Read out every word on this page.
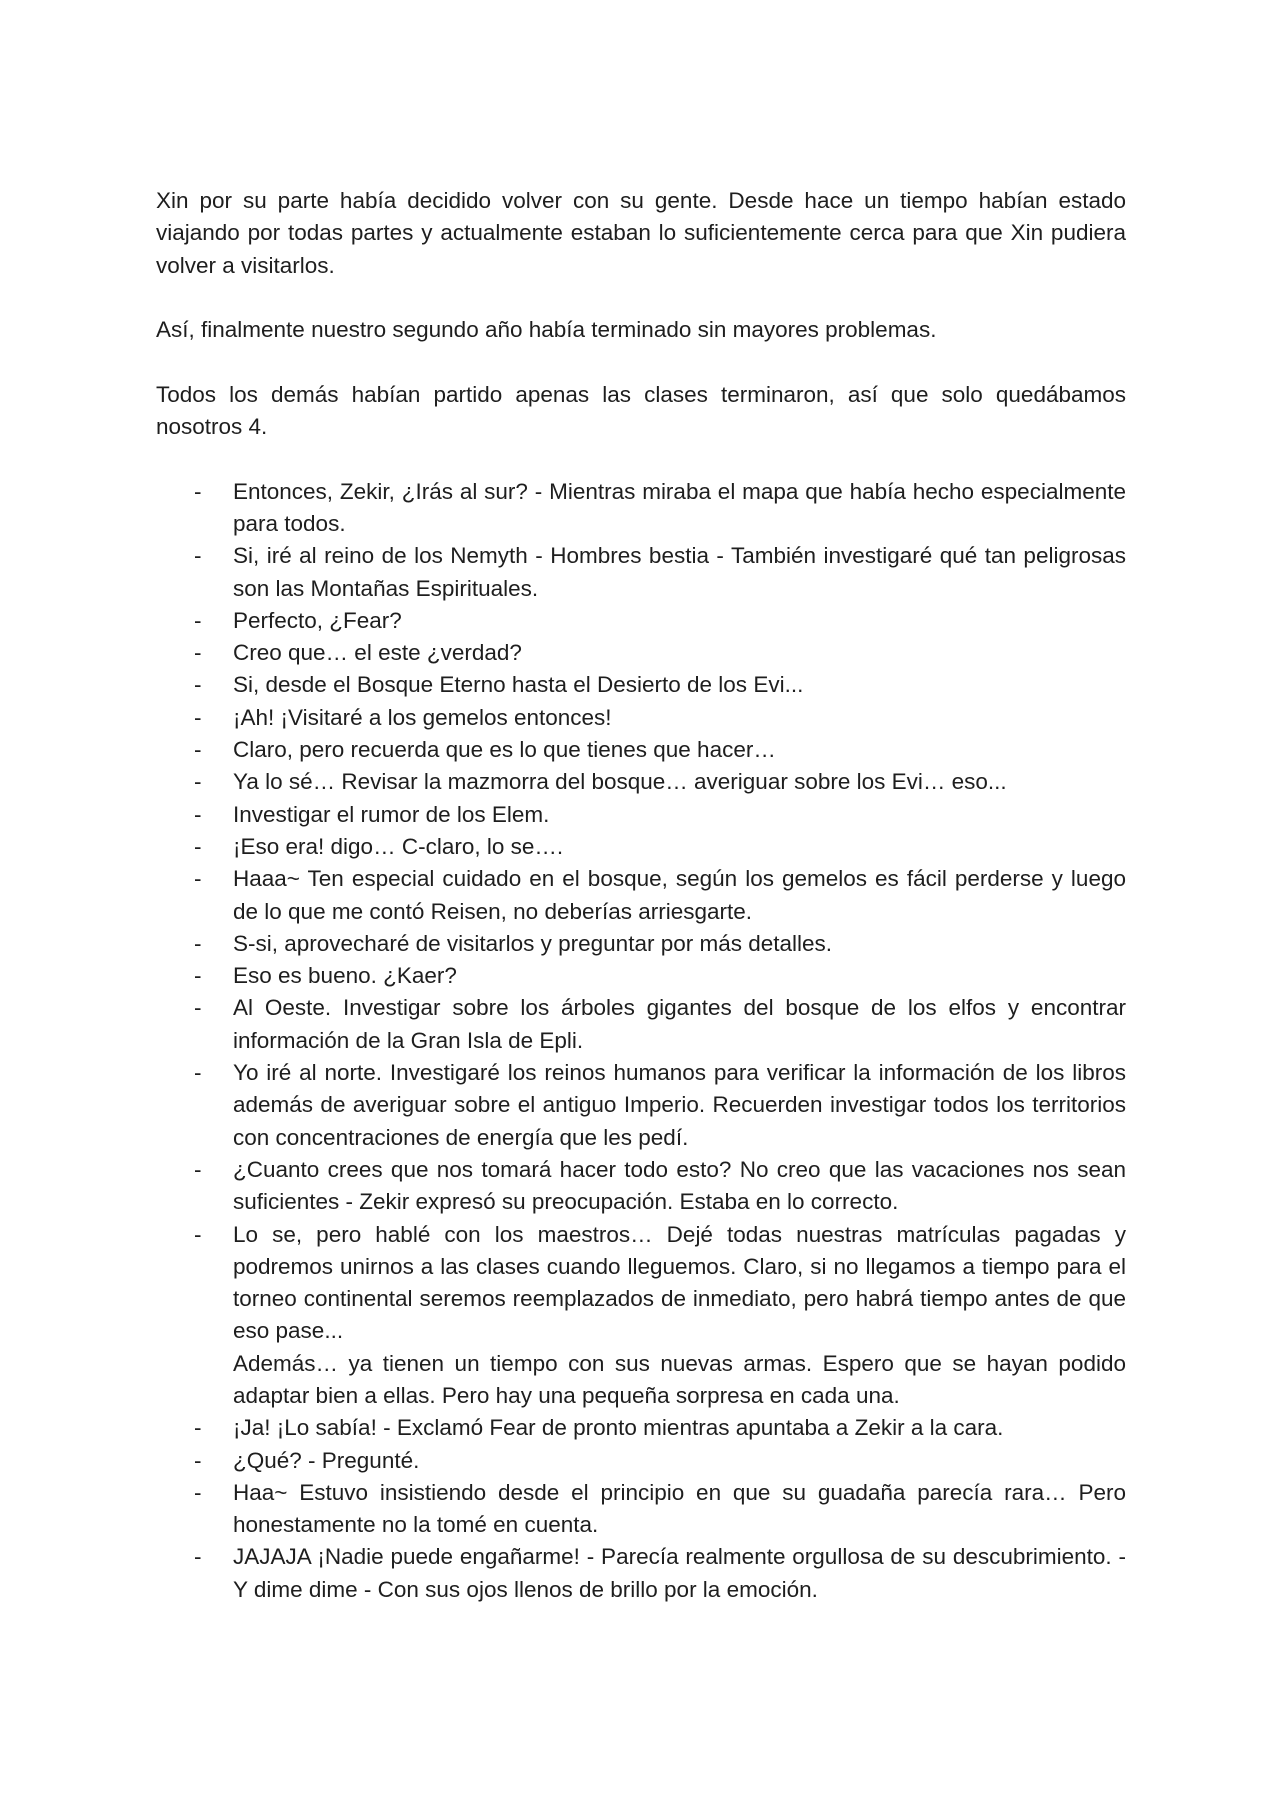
Xin por su parte había decidido volver con su gente. Desde hace un tiempo habían estado viajando por todas partes y actualmente estaban lo suficientemente cerca para que Xin pudiera volver a visitarlos.

Así, finalmente nuestro segundo año había terminado sin mayores problemas.

Todos los demás habían partido apenas las clases terminaron, así que solo quedábamos nosotros 4.

- Entonces, Zekir, ¿Irás al sur? - Mientras miraba el mapa que había hecho especialmente para todos.
- Si, iré al reino de los Nemyth - Hombres bestia - También investigaré qué tan peligrosas son las Montañas Espirituales.
- Perfecto, ¿Fear?
- Creo que… el este ¿verdad?
- Si, desde el Bosque Eterno hasta el Desierto de los Evi...
- ¡Ah! ¡Visitaré a los gemelos entonces!
- Claro, pero recuerda que es lo que tienes que hacer…
- Ya lo sé… Revisar la mazmorra del bosque… averiguar sobre los Evi… eso...
- Investigar el rumor de los Elem.
- ¡Eso era! digo… C-claro, lo se….
- Haaa~ Ten especial cuidado en el bosque, según los gemelos es fácil perderse y luego de lo que me contó Reisen, no deberías arriesgarte.
- S-si, aprovecharé de visitarlos y preguntar por más detalles.
- Eso es bueno. ¿Kaer?
- Al Oeste. Investigar sobre los árboles gigantes del bosque de los elfos y encontrar información de la Gran Isla de Epli.
- Yo iré al norte. Investigaré los reinos humanos para verificar la información de los libros además de averiguar sobre el antiguo Imperio. Recuerden investigar todos los territorios con concentraciones de energía que les pedí.
- ¿Cuanto crees que nos tomará hacer todo esto? No creo que las vacaciones nos sean suficientes - Zekir expresó su preocupación. Estaba en lo correcto.
- Lo se, pero hablé con los maestros… Dejé todas nuestras matrículas pagadas y podremos unirnos a las clases cuando lleguemos. Claro, si no llegamos a tiempo para el torneo continental seremos reemplazados de inmediato, pero habrá tiempo antes de que eso pase...
Además… ya tienen un tiempo con sus nuevas armas. Espero que se hayan podido adaptar bien a ellas. Pero hay una pequeña sorpresa en cada una.
- ¡Ja! ¡Lo sabía! - Exclamó Fear de pronto mientras apuntaba a Zekir a la cara.
- ¿Qué? - Pregunté.
- Haa~ Estuvo insistiendo desde el principio en que su guadaña parecía rara… Pero honestamente no la tomé en cuenta.
- JAJAJA ¡Nadie puede engañarme! - Parecía realmente orgullosa de su descubrimiento. - Y dime dime - Con sus ojos llenos de brillo por la emoción.
